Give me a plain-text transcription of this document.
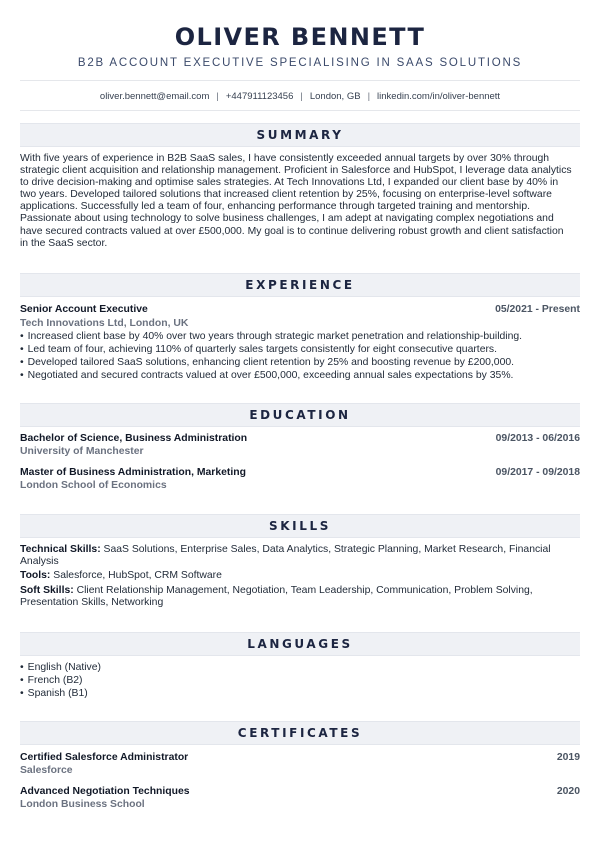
OLIVER BENNETT
B2B ACCOUNT EXECUTIVE SPECIALISING IN SAAS SOLUTIONS
oliver.bennett@email.com | +447911123456 | London, GB | linkedin.com/in/oliver-bennett
SUMMARY
With five years of experience in B2B SaaS sales, I have consistently exceeded annual targets by over 30% through
strategic client acquisition and relationship management. Proficient in Salesforce and HubSpot, I leverage data analytics
to drive decision-making and optimise sales strategies. At Tech Innovations Ltd, I expanded our client base by 40% in
two years. Developed tailored solutions that increased client retention by 25%, focusing on enterprise-level software
applications. Successfully led a team of four, enhancing performance through targeted training and mentorship.
Passionate about using technology to solve business challenges, I am adept at navigating complex negotiations and
have secured contracts valued at over £500,000. My goal is to continue delivering robust growth and client satisfaction
in the SaaS sector.
EXPERIENCE
Senior Account Executive	05/2021 - Present
Tech Innovations Ltd, London, UK
• Increased client base by 40% over two years through strategic market penetration and relationship-building.
• Led team of four, achieving 110% of quarterly sales targets consistently for eight consecutive quarters.
• Developed tailored SaaS solutions, enhancing client retention by 25% and boosting revenue by £200,000.
• Negotiated and secured contracts valued at over £500,000, exceeding annual sales expectations by 35%.
EDUCATION
Bachelor of Science, Business Administration	09/2013 - 06/2016
University of Manchester
Master of Business Administration, Marketing	09/2017 - 09/2018
London School of Economics
SKILLS
Technical Skills: SaaS Solutions, Enterprise Sales, Data Analytics, Strategic Planning, Market Research, Financial
Analysis
Tools: Salesforce, HubSpot, CRM Software
Soft Skills: Client Relationship Management, Negotiation, Team Leadership, Communication, Problem Solving,
Presentation Skills, Networking
LANGUAGES
• English (Native)
• French (B2)
• Spanish (B1)
CERTIFICATES
Certified Salesforce Administrator	2019
Salesforce
Advanced Negotiation Techniques	2020
London Business School
